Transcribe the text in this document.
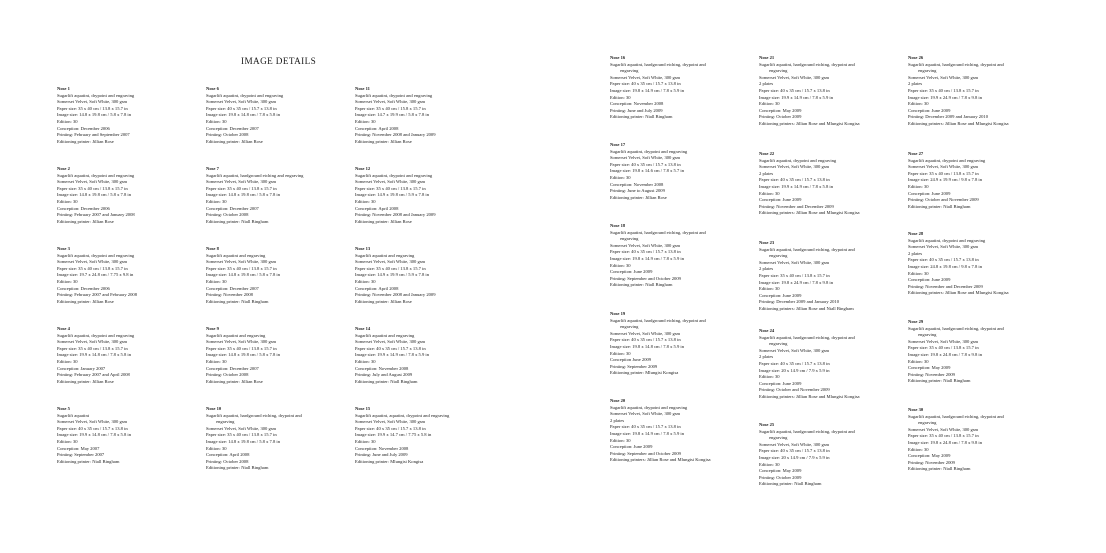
IMAGE DETAILS
Nose 1
Sugarlift aquatint, drypoint and engraving
Somerset Velvet, Soft White, 300 gsm
Paper size: 35 x 40 cm / 13.8 x 15.7 in
Image size: 14.8 x 19.8 cm / 5.8 x 7.8 in
Edition: 30
Conception: December 2006
Printing: February and September 2007
Editioning printer: Jillian Rose
Nose 2
Sugarlift aquatint, drypoint and engraving
Somerset Velvet, Soft White, 300 gsm
Paper size: 35 x 40 cm / 13.8 x 15.7 in
Image size: 14.8 x 19.8 cm / 5.8 x 7.8 in
Edition: 30
Conception: December 2006
Printing: February 2007 and January 2008
Editioning printer: Jillian Rose
Nose 3
Sugarlift aquatint, drypoint and engraving
Somerset Velvet, Soft White, 300 gsm
Paper size: 35 x 40 cm / 13.8 x 15.7 in
Image size: 19.7 x 24.8 cm / 7.75 x 9.8 in
Edition: 30
Conception: December 2006
Printing: February 2007 and February 2008
Editioning printer: Jillian Rose
Nose 4
Sugarlift aquatint, drypoint and engraving
Somerset Velvet, Soft White, 300 gsm
Paper size: 35 x 40 cm / 13.8 x 15.7 in
Image size: 19.9 x 14.8 cm / 7.8 x 5.8 in
Edition: 30
Conception: January 2007
Printing: February 2007 and April 2008
Editioning printer: Jillian Rose
Nose 5
Sugarlift aquatint
Somerset Velvet, Soft White, 300 gsm
Paper size: 40 x 35 cm / 15.7 x 13.8 in
Image size: 19.9 x 14.8 cm / 7.8 x 5.8 in
Edition: 30
Conception: May 2007
Printing: September 2007
Editioning printer: Niall Bingham
Nose 6
Sugarlift aquatint, drypoint and engraving
Somerset Velvet, Soft White, 300 gsm
Paper size: 40 x 35 cm / 15.7 x 13.8 in
Image size: 19.8 x 14.8 cm / 7.8 x 5.8 in
Edition: 30
Conception: December 2007
Printing: October 2008
Editioning printer: Jillian Rose
Nose 7
Sugarlift aquatint, hardground etching and engraving
Somerset Velvet, Soft White, 300 gsm
Paper size: 35 x 40 cm / 13.8 x 15.7 in
Image size: 14.8 x 19.8 cm / 5.8 x 7.8 in
Edition: 30
Conception: December 2007
Printing: October 2008
Editioning printer: Niall Bingham
Nose 8
Sugarlift aquatint and engraving
Somerset Velvet, Soft White, 300 gsm
Paper size: 35 x 40 cm / 13.8 x 15.7 in
Image size: 14.8 x 19.8 cm / 5.8 x 7.8 in
Edition: 30
Conception: December 2007
Printing: November 2008
Editioning printer: Niall Bingham
Nose 9
Sugarlift aquatint and engraving
Somerset Velvet, Soft White, 300 gsm
Paper size: 35 x 40 cm / 13.8 x 15.7 in
Image size: 14.8 x 19.8 cm / 5.8 x 7.8 in
Edition: 30
Conception: December 2007
Printing: October 2008
Editioning printer: Jillian Rose
Nose 10
Sugarlift aquatint, hardground etching, drypoint and
engraving
Somerset Velvet, Soft White, 300 gsm
Paper size: 35 x 40 cm / 13.8 x 15.7 in
Image size: 14.8 x 19.8 cm / 5.8 x 7.8 in
Edition: 30
Conception: April 2008
Printing: October 2008
Editioning printer: Niall Bingham
Nose 11
Sugarlift aquatint, drypoint and engraving
Somerset Velvet, Soft White, 300 gsm
Paper size: 35 x 40 cm / 15.8 x 15.7 in
Image size: 14.7 x 19.9 cm / 5.8 x 7.8 in
Edition: 30
Conception: April 2008
Printing: November 2008 and January 2009
Editioning printer: Jillian Rose
Nose 12
Sugarlift aquatint, drypoint and engraving
Somerset Velvet, Soft White, 300 gsm
Paper size: 35 x 40 cm / 13.8 x 15.7 in
Image size: 14.9 x 19.8 cm / 5.9 x 7.8 in
Edition: 30
Conception: April 2008
Printing: November 2008 and January 2009
Editioning printer: Jillian Rose
Nose 13
Sugarlift aquatint and engraving
Somerset Velvet, Soft White, 300 gsm
Paper size: 35 x 40 cm / 13.8 x 15.7 in
Image size: 14.9 x 19.9 cm / 5.9 x 7.8 in
Edition: 30
Conception: April 2008
Printing: November 2008 and January 2009
Editioning printer: Jillian Rose
Nose 14
Sugarlift aquatint and engraving
Somerset Velvet, Soft White, 300 gsm
Paper size: 40 x 35 cm / 15.7 x 13.8 in
Image size: 19.9 x 14.9 cm / 7.8 x 5.9 in
Edition: 30
Conception: November 2008
Printing: July and August 2009
Editioning printer: Niall Bingham
Nose 15
Sugarlift aquatint, aquatint, drypoint and engraving
Somerset Velvet, Soft White, 300 gsm
Paper size: 40 x 35 cm / 15.7 x 13.8 in
Image size: 19.9 x 14.7 cm / 7.75 x 5.8 in
Edition: 30
Conception: November 2008
Printing: June and July 2009
Editioning printer: Mlungisi Kongisa
Nose 16
Sugarlift aquatint, hardground etching, drypoint and
engraving
Somerset Velvet, Soft White, 300 gsm
Paper size: 40 x 35 cm / 15.7 x 13.8 in
Image size: 19.8 x 14.9 cm / 7.8 x 5.9 in
Edition: 30
Conception: November 2008
Printing: June and July 2009
Editioning printer: Niall Bingham
Nose 17
Sugarlift aquatint, drypoint and engraving
Somerset Velvet, Soft White, 300 gsm
Paper size: 40 x 35 cm / 15.7 x 13.8 in
Image size: 19.8 x 14.6 cm / 7.8 x 5.7 in
Edition: 30
Conception: November 2008
Printing: June to August 2009
Editioning printer: Jillian Rose
Nose 18
Sugarlift aquatint, hardground etching, drypoint and
engraving
Somerset Velvet, Soft White, 300 gsm
Paper size: 40 x 35 cm / 15.7 x 13.8 in
Image size: 19.8 x 14.9 cm / 7.8 x 5.9 in
Edition: 30
Conception: June 2009
Printing: September and October 2009
Editioning printer: Niall Bingham
Nose 19
Sugarlift aquatint, hardground etching, drypoint and
engraving
Somerset Velvet, Soft White, 300 gsm
Paper size: 40 x 35 cm / 15.7 x 13.8 in
Image size: 19.8 x 14.8 cm / 7.8 x 5.9 in
Edition: 30
Conception June 2009
Printing: September 2009
Editioning printer: Mlungisi Kongisa
Nose 20
Sugarlift aquatint, drypoint and engraving
Somerset Velvet, Soft White, 300 gsm
2 plates
Paper size: 40 x 35 cm / 15.7 x 13.8 in
Image size: 19.8 x 14.9 cm / 7.8 x 5.9 in
Edition: 30
Conception: June 2009
Printing: September and October 2009
Editioning printers: Jillian Rose and Mlungisi Kongisa
Nose 21
Sugarlift aquatint, hardground etching, drypoint and
engraving
Somerset Velvet, Soft White, 300 gsm
2 plates
Paper size: 40 x 35 cm / 15.7 x 13.8 in
Image size: 19.9 x 14.9 cm / 7.8 x 5.9 in
Edition: 30
Conception: May 2009
Printing: October 2009
Editioning printers: Jillian Rose and Mlungisi Kongisa
Nose 22
Sugarlift aquatint, drypoint and engraving
Somerset Velvet, Soft White, 300 gsm
2 plates
Paper size: 40 x 35 cm / 15.7 x 13.8 in
Image size: 19.9 x 14.9 cm / 7.8 x 5.8 in
Edition: 30
Conception: June 2009
Printing: November and December 2009
Editioning printers: Jillian Rose and Mlungisi Kongisa
Nose 23
Sugarlift aquatint, hardground etching, drypoint and
engraving
Somerset Velvet, Soft White, 300 gsm
2 plates
Paper size: 35 x 40 cm / 13.8 x 15.7 in
Image size: 19.8 x 24.9 cm / 7.8 x 9.8 in
Edition: 30
Conception: June 2009
Printing: December 2009 and January 2010
Editioning printers: Jillian Rose and Niall Bingham
Nose 24
Sugarlift aquatint, hardground etching, drypoint and
engraving
Somerset Velvet, Soft White, 300 gsm
2 plates
Paper size: 40 x 35 cm / 15.7 x 13.8 in
Image size: 20 x 14.9 cm / 7.9 x 5.9 in
Edition: 30
Conception: June 2009
Printing: October and November 2009
Editioning printers: Jillian Rose and Mlungisi Kongisa
Nose 25
Sugarlift aquatint, hardground etching, drypoint and
engraving
Somerset Velvet, Soft White, 300 gsm
Paper size: 40 x 35 cm / 15.7 x 13.8 in
Image size: 20 x 14.9 cm / 7.9 x 5.9 in
Edition: 30
Conception: May 2009
Printing: October 2009
Editioning printer: Niall Bingham
Nose 26
Sugarlift aquatint, hardground etching, drypoint and
engraving
Somerset Velvet, Soft White, 300 gsm
2 plates
Paper size: 35 x 40 cm / 13.8 x 15.7 in
Image size: 19.9 x 24.9 cm / 7.8 x 9.8 in
Edition: 30
Conception: June 2009
Printing: December 2009 and January 2010
Editioning printers: Jillian Rose and Mlungisi Kongisa
Nose 27
Sugarlift aquatint, drypoint and engraving
Somerset Velvet, Soft White, 300 gsm
Paper size: 35 x 40 cm / 13.8 x 15.7 in
Image size: 24.9 x 19.9 cm / 9.8 x 7.8 in
Edition: 30
Conception: June 2009
Printing: October and November 2009
Editioning printer: Niall Bingham
Nose 28
Sugarlift aquatint, drypoint and engraving
Somerset Velvet, Soft White, 300 gsm
2 plates
Paper size: 40 x 35 cm / 15.7 x 13.8 in
Image size: 24.8 x 19.8 cm / 9.8 x 7.8 in
Edition: 30
Conception: June 2009
Printing: November and December 2009
Editioning printers: Jillian Rose and Mlungisi Kongisa
Nose 29
Sugarlift aquatint, hardground etching, drypoint and
engraving
Somerset Velvet, Soft White, 300 gsm
Paper size: 35 x 40 cm / 13.8 x 15.7 in
Image size: 19.8 x 24.8 cm / 7.8 x 9.8 in
Edition: 30
Conception: May 2009
Printing: November 2009
Editioning printer: Niall Bingham
Nose 30
Sugarlift aquatint, hardground etching, drypoint and
engraving
Somerset Velvet, Soft White, 300 gsm
Paper size: 35 x 40 cm / 13.8 x 15.7 in
Image size: 19.8 x 24.8 cm / 7.8 x 9.8 in
Edition: 30
Conception: May 2009
Printing: November 2009
Editioning printer: Niall Bingham
